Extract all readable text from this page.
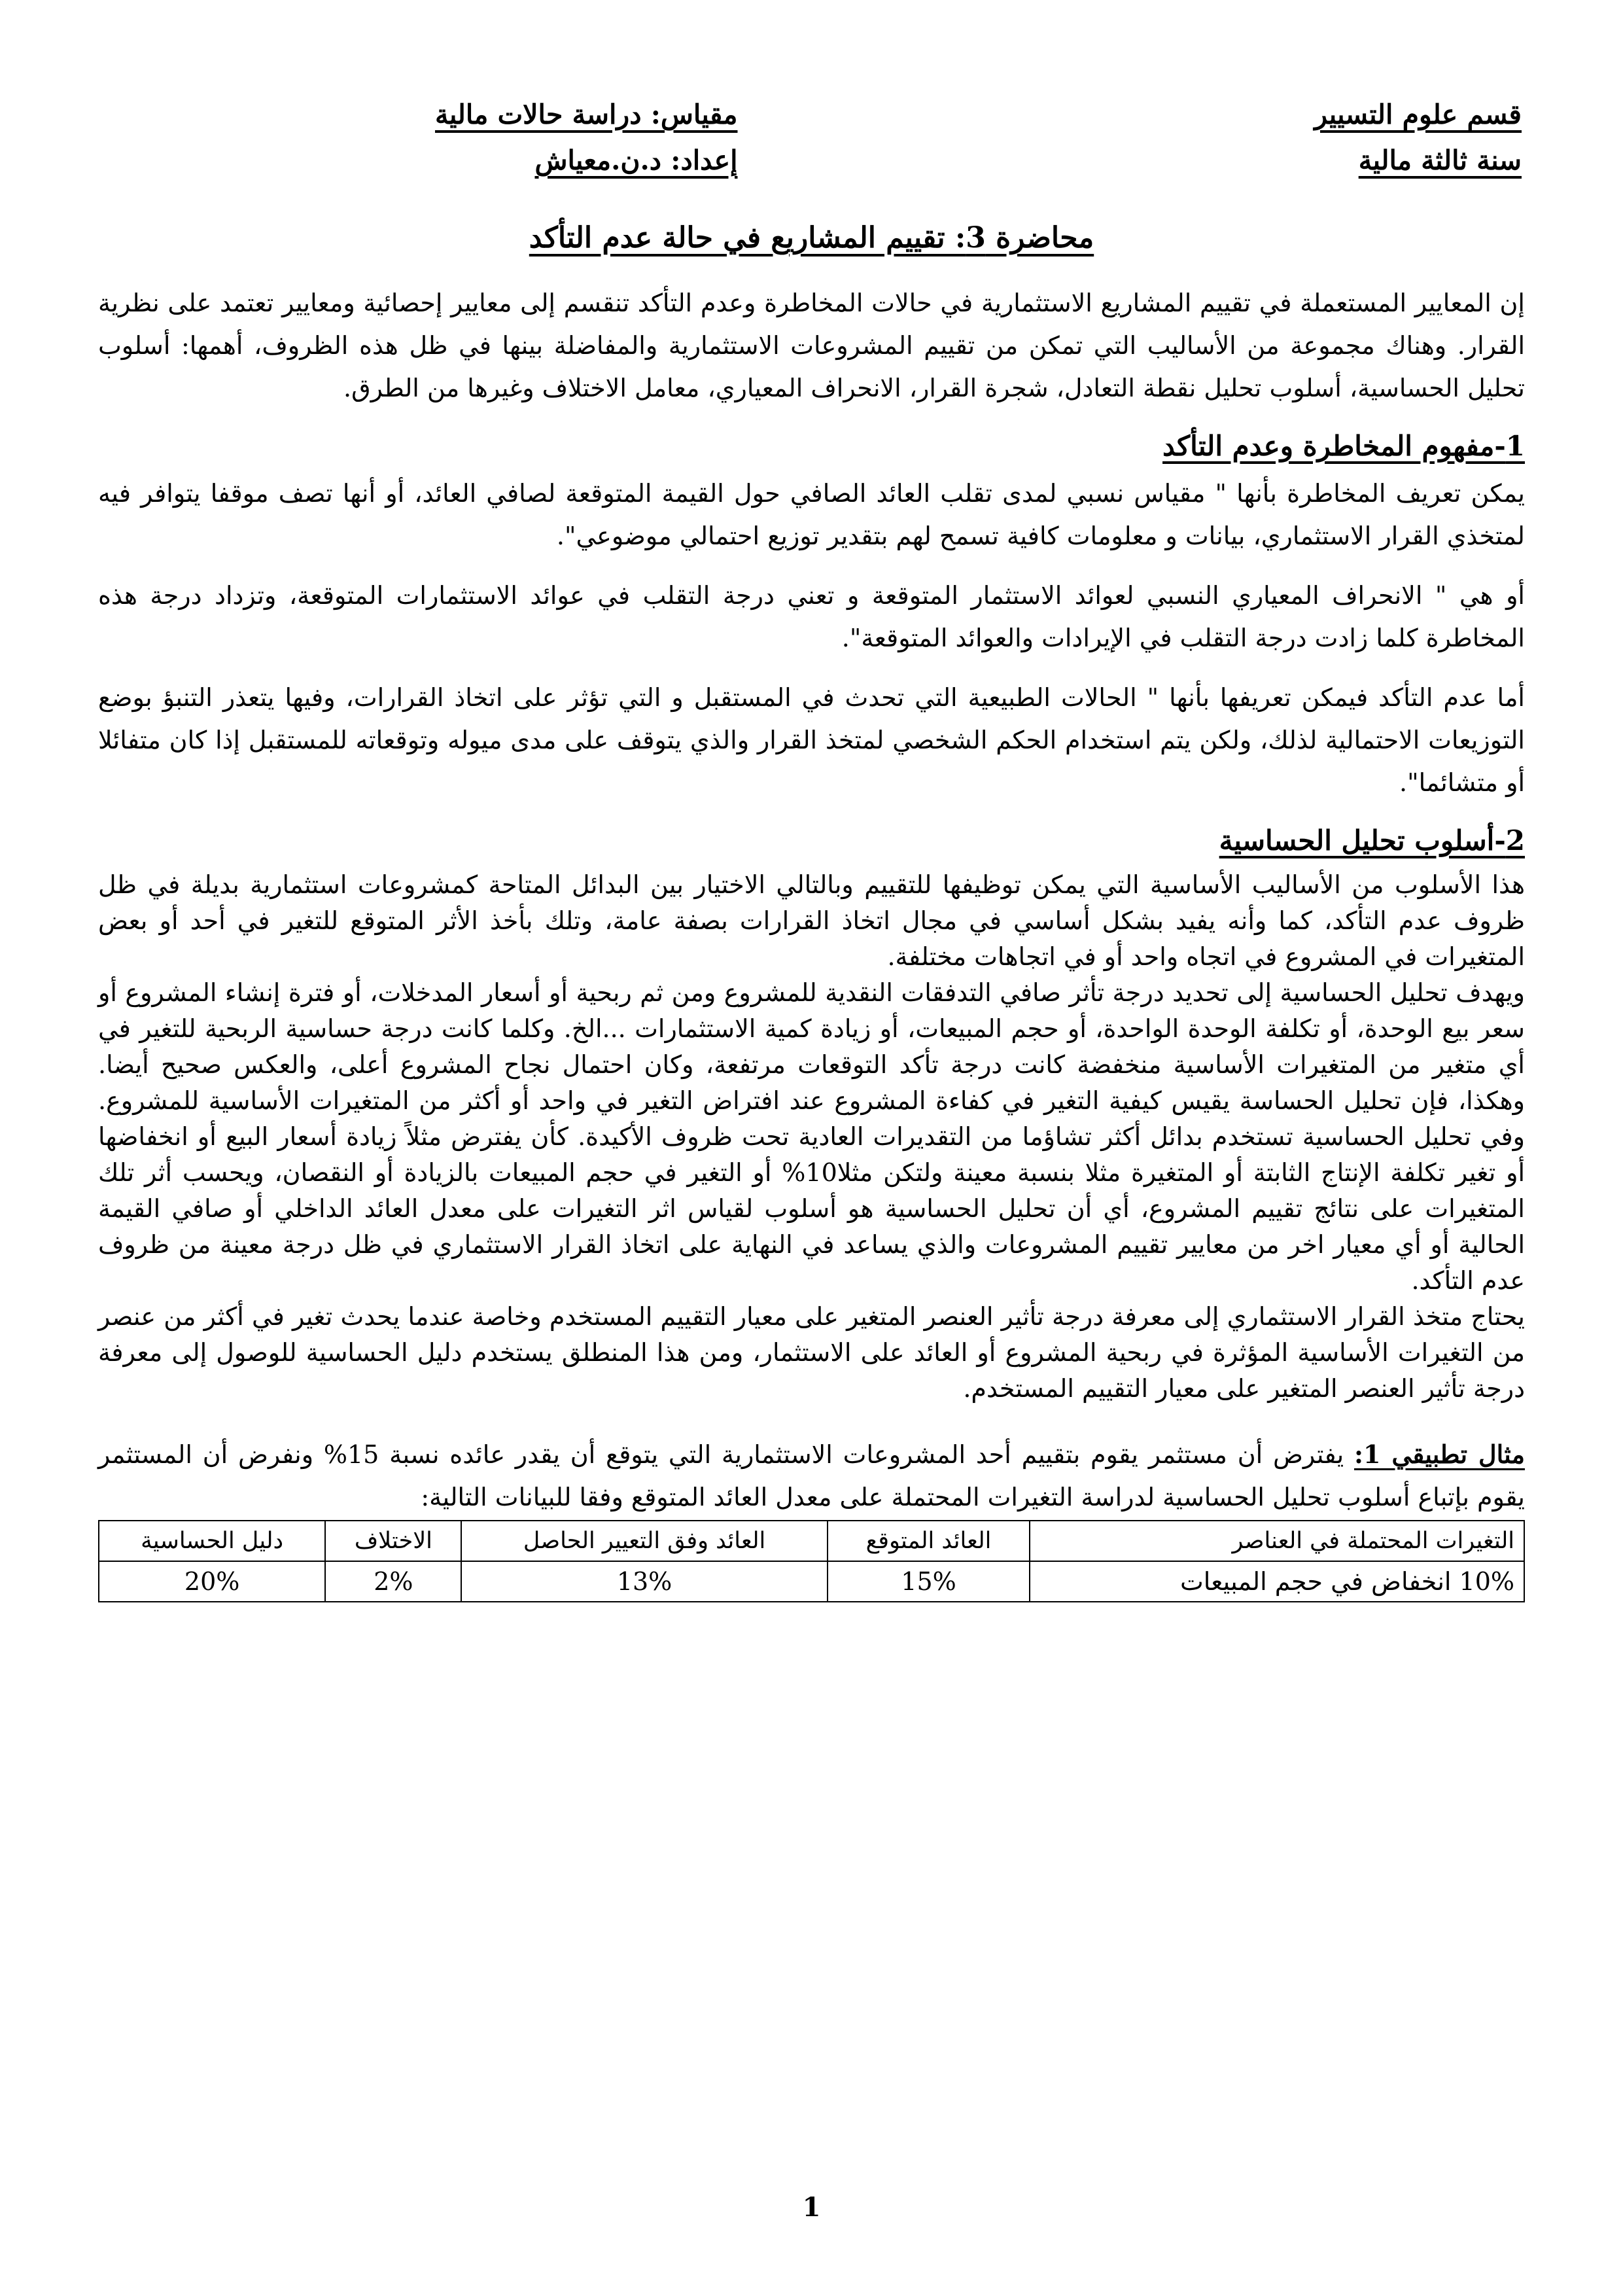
قسم علوم التسيير
سنة ثالثة مالية
مقياس: دراسة حالات مالية
إعداد: د.ن.معياش
محاضرة 3: تقييم المشاريع في حالة عدم التأكد

إن المعايير المستعملة في تقييم المشاريع الاستثمارية في حالات المخاطرة وعدم التأكد تنقسم إلى معايير إحصائية ومعايير تعتمد على نظرية القرار. وهناك مجموعة من الأساليب التي تمكن من تقييم المشروعات الاستثمارية والمفاضلة بينها في ظل هذه الظروف، أهمها: أسلوب تحليل الحساسية، أسلوب تحليل نقطة التعادل، شجرة القرار، الانحراف المعياري، معامل الاختلاف وغيرها من الطرق.

1-مفهوم المخاطرة وعدم التأكد

يمكن تعريف المخاطرة بأنها " مقياس نسبي لمدى تقلب العائد الصافي حول القيمة المتوقعة لصافي العائد، أو أنها تصف موقفا يتوافر فيه لمتخذي القرار الاستثماري، بيانات و معلومات كافية تسمح لهم بتقدير توزيع احتمالي موضوعي".

أو هي " الانحراف المعياري النسبي لعوائد الاستثمار المتوقعة و تعني درجة التقلب في عوائد الاستثمارات المتوقعة، وتزداد درجة هذه المخاطرة كلما زادت درجة التقلب في الإيرادات والعوائد المتوقعة".

أما عدم التأكد فيمكن تعريفها بأنها " الحالات الطبيعية التي تحدث في المستقبل و التي تؤثر على اتخاذ القرارات، وفيها يتعذر التنبؤ بوضع التوزيعات الاحتمالية لذلك، ولكن يتم استخدام الحكم الشخصي لمتخذ القرار والذي يتوقف على مدى ميوله وتوقعاته للمستقبل إذا كان متفائلا أو متشائما".

2-أسلوب تحليل الحساسية

هذا الأسلوب من الأساليب الأساسية التي يمكن توظيفها للتقييم وبالتالي الاختيار بين البدائل المتاحة كمشروعات استثمارية بديلة في ظل ظروف عدم التأكد، كما وأنه يفيد بشكل أساسي في مجال اتخاذ القرارات بصفة عامة، وتلك بأخذ الأثر المتوقع للتغير في أحد أو بعض المتغيرات في المشروع في اتجاه واحد أو في اتجاهات مختلفة.

ويهدف تحليل الحساسية إلى تحديد درجة تأثر صافي التدفقات النقدية للمشروع ومن ثم ربحية أو أسعار المدخلات، أو فترة إنشاء المشروع أو سعر بيع الوحدة، أو تكلفة الوحدة الواحدة، أو حجم المبيعات، أو زيادة كمية الاستثمارات ...الخ. وكلما كانت درجة حساسية الربحية للتغير في أي متغير من المتغيرات الأساسية منخفضة كانت درجة تأكد التوقعات مرتفعة، وكان احتمال نجاح المشروع أعلى، والعكس صحيح أيضا. وهكذا، فإن تحليل الحساسة يقيس كيفية التغير في كفاءة المشروع عند افتراض التغير في واحد أو أكثر من المتغيرات الأساسية للمشروع. وفي تحليل الحساسية تستخدم بدائل أكثر تشاؤما من التقديرات العادية تحت ظروف الأكيدة. كأن يفترض مثلاً زيادة أسعار البيع أو انخفاضها أو تغير تكلفة الإنتاج الثابتة أو المتغيرة مثلا بنسبة معينة ولتكن مثلا10% أو التغير في حجم المبيعات بالزيادة أو النقصان، ويحسب أثر تلك المتغيرات على نتائج تقييم المشروع، أي أن تحليل الحساسية هو أسلوب لقياس اثر التغيرات على معدل العائد الداخلي أو صافي القيمة الحالية أو أي معيار اخر من معايير تقييم المشروعات والذي يساعد في النهاية على اتخاذ القرار الاستثماري في ظل درجة معينة من ظروف عدم التأكد.

يحتاج متخذ القرار الاستثماري إلى معرفة درجة تأثير العنصر المتغير على معيار التقييم المستخدم وخاصة عندما يحدث تغير في أكثر من عنصر من التغيرات الأساسية المؤثرة في ربحية المشروع أو العائد على الاستثمار، ومن هذا المنطلق يستخدم دليل الحساسية للوصول إلى معرفة درجة تأثير العنصر المتغير على معيار التقييم المستخدم.

مثال تطبيقي 1: يفترض أن مستثمر يقوم بتقييم أحد المشروعات الاستثمارية التي يتوقع أن يقدر عائده نسبة 15% ونفرض أن المستثمر يقوم بإتباع أسلوب تحليل الحساسية لدراسة التغيرات المحتملة على معدل العائد المتوقع وفقا للبيانات التالية:

التغيرات المحتملة في العناصر	العائد المتوقع	العائد وفق التعيير الحاصل	الاختلاف	دليل الحساسية
10% انخفاض في حجم المبيعات	15%	13%	2%	20%
1
